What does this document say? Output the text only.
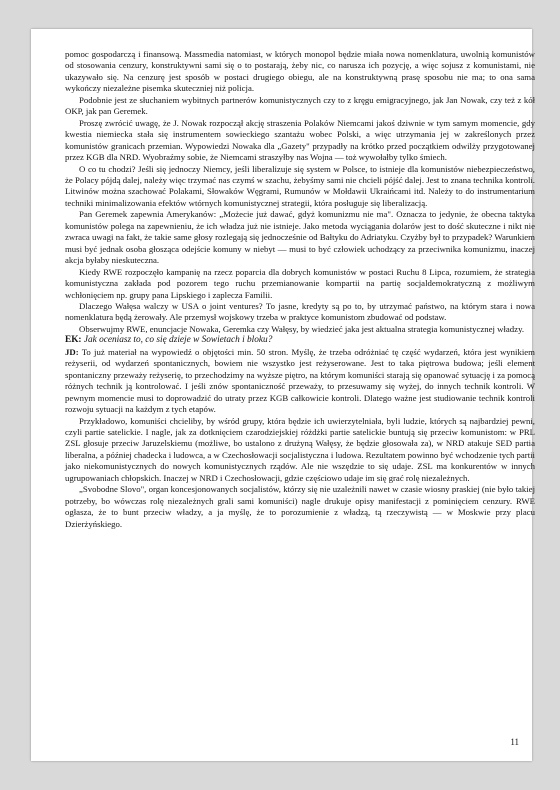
pomoc gospodarczą i finansową. Massmedia natomiast, w których monopol będzie miała nowa nomenklatura, uwolnią komunistów od stosowania cenzury, konstruktywni sami się o to postarają, żeby nic, co narusza ich pozycję, a więc sojusz z komunistami, nie ukazywało się. Na cenzurę jest sposób w postaci drugiego obiegu, ale na konstruktywną prasę sposobu nie ma; to ona sama wykończy niezależne pisemka skuteczniej niż policja.

Podobnie jest ze słuchaniem wybitnych partnerów komunistycznych czy to z kręgu emigracyjnego, jak Jan Nowak, czy też z kół OKP, jak pan Geremek.

Proszę zwrócić uwagę, że J. Nowak rozpoczął akcję straszenia Polaków Niemcami jakoś dziwnie w tym samym momencie, gdy kwestia niemiecka stała się instrumentem sowieckiego szantażu wobec Polski, a więc utrzymania jej w zakreślonych przez komunistów granicach przemian. Wypowiedzi Nowaka dla „Gazety" przypadły na krótko przed początkiem odwilży przygotowanej przez KGB dla NRD. Wyobraźmy sobie, że Niemcami straszyłby nas Wojna — toż wywołałby tylko śmiech.

O co tu chodzi? Jeśli się jednoczy Niemcy, jeśli liberalizuje się system w Polsce, to istnieje dla komunistów niebezpieczeństwo, że Polacy pójdą dalej, należy więc trzymać nas czymś w szachu, żebyśmy sami nie chcieli pójść dalej. Jest to znana technika kontroli. Litwinów można szachować Polakami, Słowaków Węgrami, Rumunów w Mołdawii Ukraińcami itd. Należy to do instrumentarium techniki minimalizowania efektów wtórnych komunistycznej strategii, która posługuje się liberalizacją.

Pan Geremek zapewnia Amerykanów: „Możecie już dawać, gdyż komunizmu nie ma". Oznacza to jedynie, że obecna taktyka komunistów polega na zapewnieniu, że ich władza już nie istnieje. Jako metoda wyciągania dolarów jest to dość skuteczne i nikt nie zwraca uwagi na fakt, że takie same głosy rozlegają się jednocześnie od Bałtyku do Adriatyku. Czyżby był to przypadek? Warunkiem musi być jednak osoba głosząca odejście komuny w niebyt — musi to być człowiek uchodzący za przeciwnika komunizmu, inaczej akcja byłaby nieskuteczna.

Kiedy RWE rozpoczęło kampanię na rzecz poparcia dla dobrych komunistów w postaci Ruchu 8 Lipca, rozumiem, że strategia komunistyczna zakłada pod pozorem tego ruchu przemianowanie kompartii na partię socjaldemokratyczną z możliwym wchłonięciem np. grupy pana Lipskiego i zaplecza Familii.

Dlaczego Wałęsa walczy w USA o joint ventures? To jasne, kredyty są po to, by utrzymać państwo, na którym stara i nowa nomenklatura będą żerowały. Ale przemysł wojskowy trzeba w praktyce komunistom zbudować od podstaw.

Obserwujmy RWE, enuncjacje Nowaka, Geremka czy Wałęsy, by wiedzieć jaka jest aktualna strategia komunistycznej władzy.

EK: Jak oceniasz to, co się dzieje w Sowietach i bloku?

JD: To już materiał na wypowiedź o objętości min. 50 stron. Myślę, że trzeba odróżniać tę część wydarzeń, która jest wynikiem reżyserii, od wydarzeń spontanicznych, bowiem nie wszystko jest reżyserowane. Jest to taka piętrowa budowa; jeśli element spontaniczny przeważy reżyserię, to przechodzimy na wyższe piętro, na którym komuniści starają się opanować sytuację i za pomocą różnych technik ją kontrolować. I jeśli znów spontaniczność przeważy, to przesuwamy się wyżej, do innych technik kontroli. W pewnym momencie musi to doprowadzić do utraty przez KGB całkowicie kontroli. Dlatego ważne jest studiowanie technik kontroli rozwoju sytuacji na każdym z tych etapów.

Przykładowo, komuniści chcieliby, by wśród grupy, która będzie ich uwierzytelniała, byli ludzie, których są najbardziej pewni, czyli partie satelickie. I nagle, jak za dotknięciem czarodziejskiej różdżki partie satelickie buntują się przeciw komunistom: w PRL ZSL głosuje przeciw Jaruzelskiemu (możliwe, bo ustalono z drużyną Wałęsy, że będzie głosowała za), w NRD atakuje SED partia liberalna, a później chadecka i ludowca, a w Czechosłowacji socjalistyczna i ludowa. Rezultatem powinno być wchodzenie tych partii jako niekomunistycznych do nowych komunistycznych rządów. Ale nie wszędzie to się udaje. ZSL ma konkurentów w innych ugrupowaniach chłopskich. Inaczej w NRD i Czechosłowacji, gdzie częściowo udaje im się grać rolę niezależnych.

„Svobodne Slovo", organ koncesjonowanych socjalistów, którzy się nie uzależnili nawet w czasie wiosny praskiej (nie było takiej potrzeby, bo wówczas rolę niezależnych grali sami komuniści) nagle drukuje opisy manifestacji z pominięciem cenzury. RWE ogłasza, że to bunt przeciw władzy, a ja myślę, że to porozumienie z władzą, tą rzeczywistą — w Moskwie przy placu Dzierżyńskiego.

11
